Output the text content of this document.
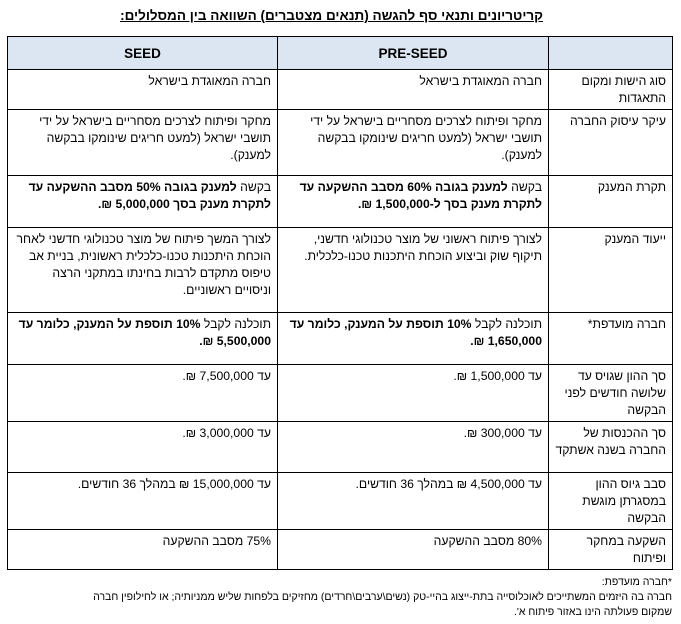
קריטריונים ותנאי סף להגשה (תנאים מצטברים) השוואה בין המסלולים:
	PRE-SEED	SEED
סוג הישות ומקום התאגדות	חברה המאוגדת בישראל	חברה המאוגדת בישראל
עיקר עיסוק החברה	מחקר ופיתוח לצרכים מסחריים בישראל על ידי תושבי ישראל (למעט חריגים שינומקו בבקשה למענק).	מחקר ופיתוח לצרכים מסחריים בישראל על ידי תושבי ישראל (למעט חריגים שינומקו בבקשה למענק).
תקרת המענק	בקשה למענק בגובה 60% מסבב ההשקעה עד לתקרת מענק בסך ל-1,500,000 ₪.	בקשה למענק בגובה 50% מסבב ההשקעה עד לתקרת מענק בסך 5,000,000 ₪.
ייעוד המענק	לצורך פיתוח ראשוני של מוצר טכנולוגי חדשני, תיקוף שוק וביצוע הוכחת היתכנות טכנו-כלכלית.	לצורך המשך פיתוח של מוצר טכנולוגי חדשני לאחר הוכחת היתכנות טכנו-כלכלית ראשונית, בניית אב טיפוס מתקדם לרבות בחינתו במתקני הרצה וניסויים ראשוניים.
חברה מועדפת*	תוכלנה לקבל 10% תוספת על המענק, כלומר עד 1,650,000 ₪.	תוכלנה לקבל 10% תוספת על המענק, כלומר עד 5,500,000 ₪.
סך ההון שגויס עד שלושה חודשים לפני הבקשה	עד 1,500,000 ₪.	עד 7,500,000 ₪.
סך ההכנסות של החברה בשנה אשתקד	עד 300,000 ₪.	עד 3,000,000 ₪.
סבב גיוס ההון במסגרתן מוגשת הבקשה	עד 4,500,000 ₪ במהלך 36 חודשים.	עד 15,000,000 ₪ במהלך 36 חודשים.
השקעה במחקר ופיתוח	80% מסבב ההשקעה	75% מסבב ההשקעה
*חברה מועדפת:
חברה בה היזמים המשתייכים לאוכלוסייה בתת-ייצוג בהיי-טק (נשים\ערבים\חרדים) מחזיקים בלפחות שליש ממניותיה; או לחילופין חברה
שמקום פעולתה הינו באזור פיתוח א'.
